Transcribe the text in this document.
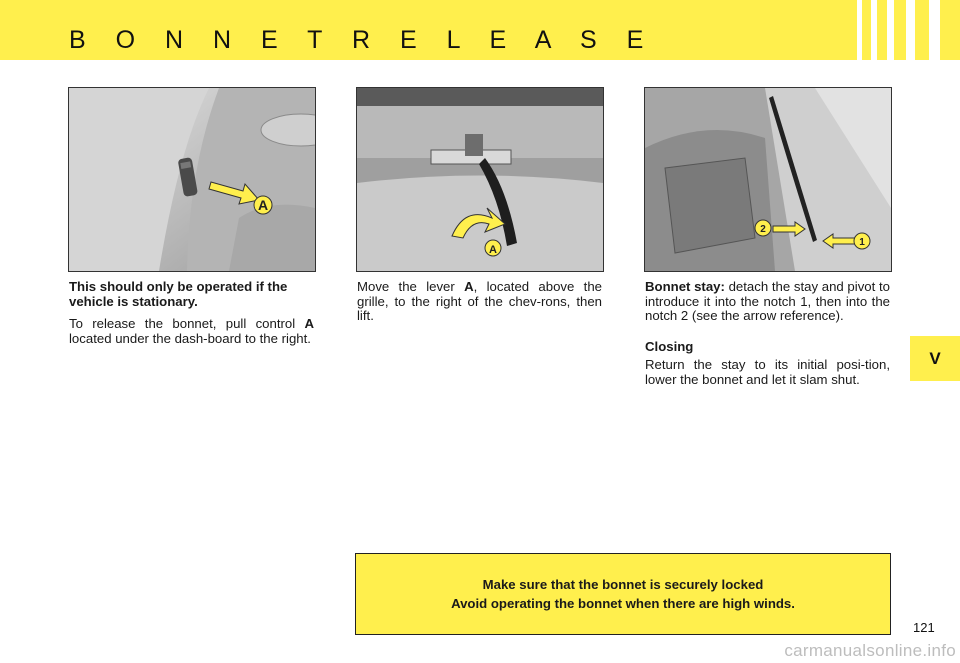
B O N N E T R E L E A S E
A
A
1
2

This should only be operated if the vehicle is stationary.

To release the bonnet, pull control A located under the dash-board to the right.

Move the lever A, located above the grille, to the right of the chev-rons, then lift.

Bonnet stay: detach the stay and pivot to introduce it into the notch 1, then into the notch 2 (see the arrow reference).

Closing

Return the stay to its initial posi-tion, lower the bonnet and let it slam shut.

V
Make sure that the bonnet is securely locked
Avoid operating the bonnet when there are high winds.
121
carmanualsonline.info
